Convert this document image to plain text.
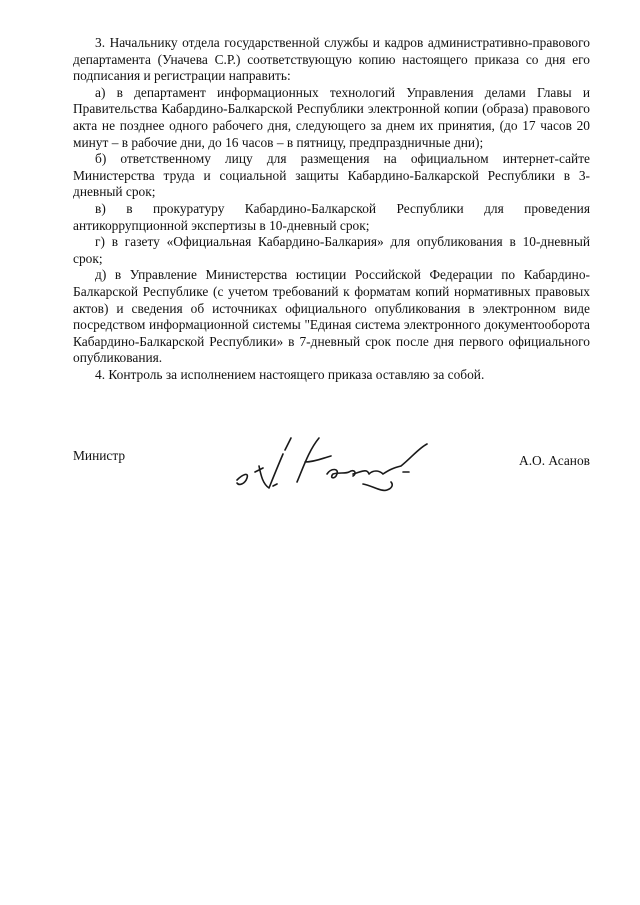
3. Начальнику отдела государственной службы и кадров административно-правового департамента (Уначева С.Р.) соответствующую копию настоящего приказа со дня его подписания и регистрации направить:

а) в департамент информационных технологий Управления делами Главы и Правительства Кабардино-Балкарской Республики электронной копии (образа) правового акта не позднее одного рабочего дня, следующего за днем их принятия, (до 17 часов 20 минут – в рабочие дни, до 16 часов – в пятницу, предпраздничные дни);

б) ответственному лицу для размещения на официальном интернет-сайте Министерства труда и социальной защиты Кабардино-Балкарской Республики в 3-дневный срок;

в) в прокуратуру Кабардино-Балкарской Республики для проведения антикоррупционной экспертизы в 10-дневный срок;

г) в газету «Официальная Кабардино-Балкария» для опубликования в 10-дневный срок;

д) в Управление Министерства юстиции Российской Федерации по Кабардино-Балкарской Республике (с учетом требований к форматам копий нормативных правовых актов) и сведения об источниках официального опубликования в электронном виде посредством информационной системы "Единая система электронного документооборота Кабардино-Балкарской Республики» в 7-дневный срок после дня первого официального опубликования.

4. Контроль за исполнением настоящего приказа оставляю за собой.

Министр	А.О. Асанов
